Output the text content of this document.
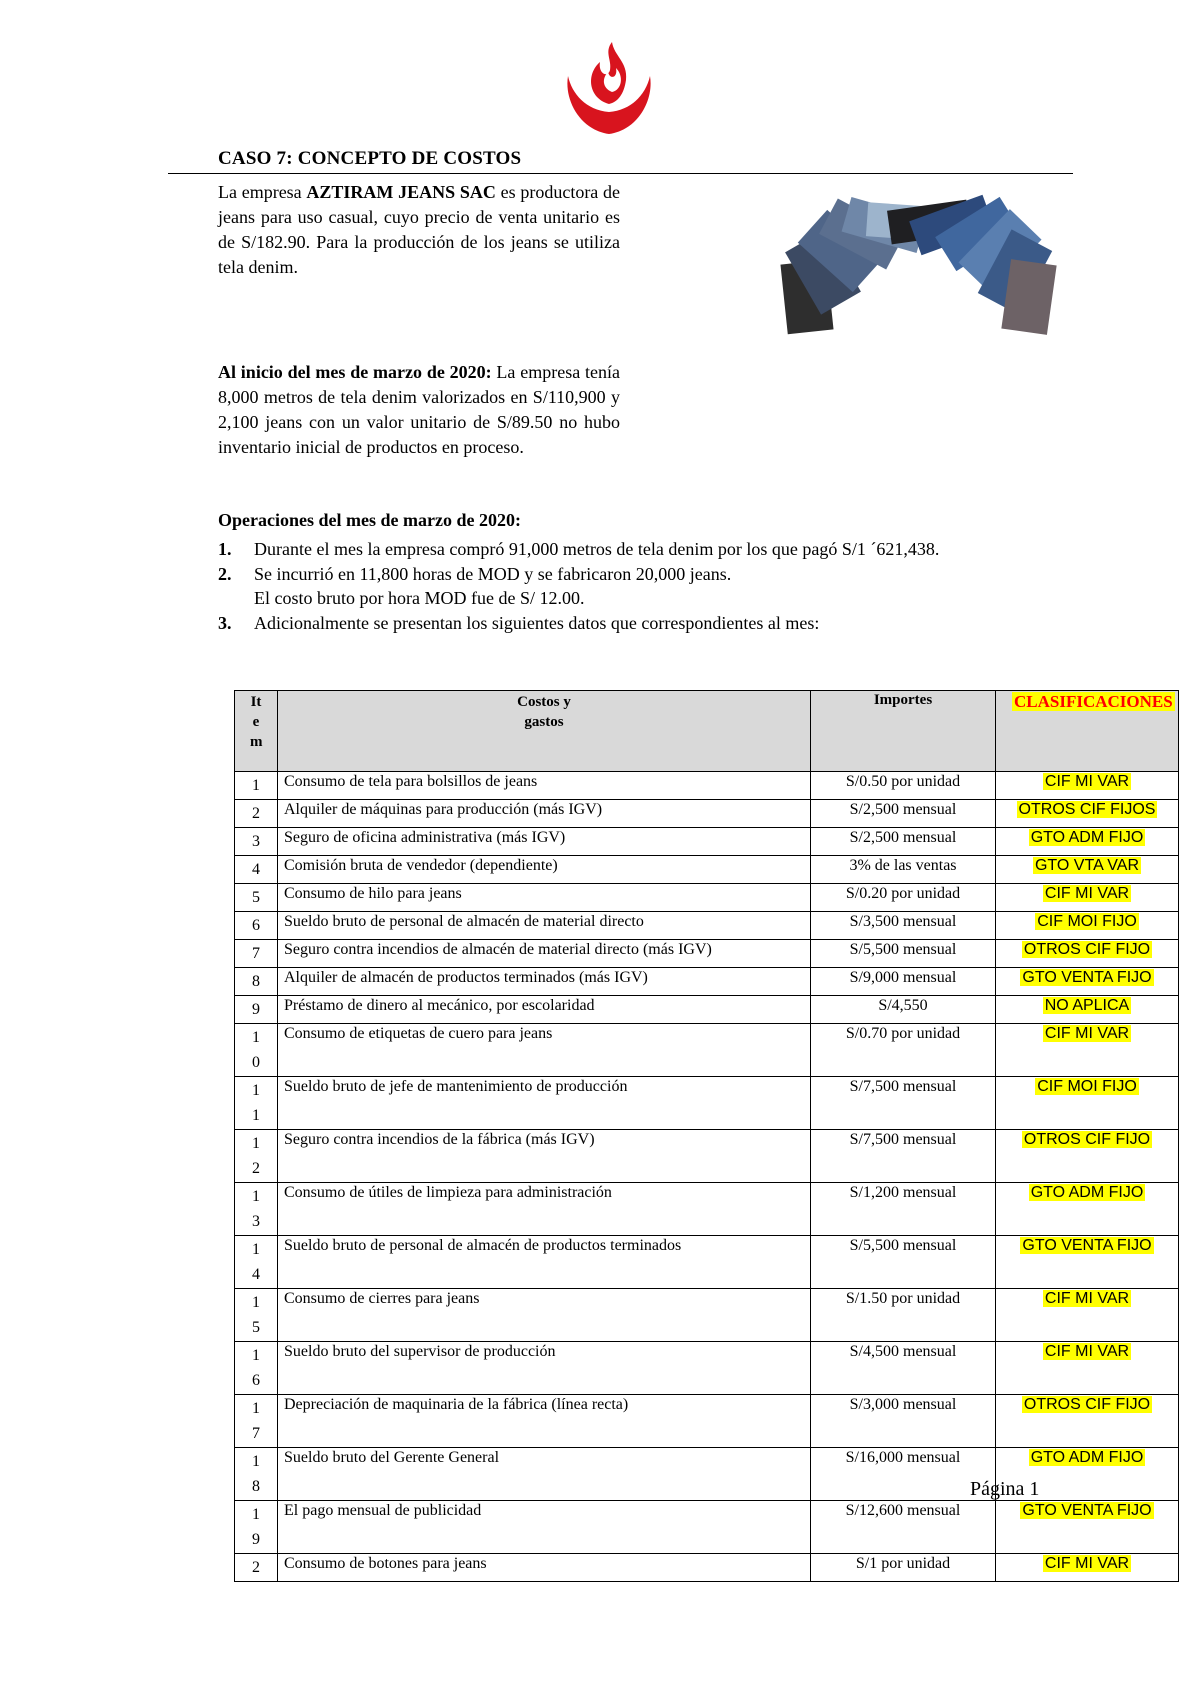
CASO 7: CONCEPTO DE COSTOS

La empresa AZTIRAM JEANS SAC es productora de jeans para uso casual, cuyo precio de venta unitario es de S/182.90. Para la producción de los jeans se utiliza tela denim.

Al inicio del mes de marzo de 2020: La empresa tenía 8,000 metros de tela denim valorizados en S/110,900 y 2,100 jeans con un valor unitario de S/89.50 no hubo inventario inicial de productos en proceso.

Operaciones del mes de marzo de 2020:

1. Durante el mes la empresa compró 91,000 metros de tela denim por los que pagó S/1 ´621,438.
2. Se incurrió en 11,800 horas de MOD y se fabricaron 20,000 jeans.
El costo bruto por hora MOD fue de S/ 12.00.
3. Adicionalmente se presentan los siguientes datos que correspondientes al mes:
Item	Costos y gastos	Importes	CLASIFICACIONES

1	Consumo de tela para bolsillos de jeans	S/0.50 por unidad	CIF MI VAR
2	Alquiler de máquinas para producción (más IGV)	S/2,500 mensual	OTROS CIF FIJOS
3	Seguro de oficina administrativa (más IGV)	S/2,500 mensual	GTO ADM FIJO
4	Comisión bruta de vendedor (dependiente)	3% de las ventas	GTO VTA VAR
5	Consumo de hilo para jeans	S/0.20 por unidad	CIF MI VAR
6	Sueldo bruto de personal de almacén de material directo	S/3,500 mensual	CIF MOI FIJO
7	Seguro contra incendios de almacén de material directo (más IGV)	S/5,500 mensual	OTROS CIF FIJO
8	Alquiler de almacén de productos terminados (más IGV)	S/9,000 mensual	GTO VENTA FIJO
9	Préstamo de dinero al mecánico, por escolaridad	S/4,550	NO APLICA
10	Consumo de etiquetas de cuero para jeans	S/0.70 por unidad	CIF MI VAR
11	Sueldo bruto de jefe de mantenimiento de producción	S/7,500 mensual	CIF MOI FIJO
12	Seguro contra incendios de la fábrica (más IGV)	S/7,500 mensual	OTROS CIF FIJO
13	Consumo de útiles de limpieza para administración	S/1,200 mensual	GTO ADM FIJO
14	Sueldo bruto de personal de almacén de productos terminados	S/5,500 mensual	GTO VENTA FIJO
15	Consumo de cierres para jeans	S/1.50 por unidad	CIF MI VAR
16	Sueldo bruto del supervisor de producción	S/4,500 mensual	CIF MI VAR
17	Depreciación de maquinaria de la fábrica (línea recta)	S/3,000 mensual	OTROS CIF FIJO
18	Sueldo bruto del Gerente General	S/16,000 mensual	GTO ADM FIJO
19	El pago mensual de publicidad	S/12,600 mensual	GTO VENTA FIJO
2	Consumo de botones para jeans	S/1 por unidad	CIF MI VAR
Página 1
